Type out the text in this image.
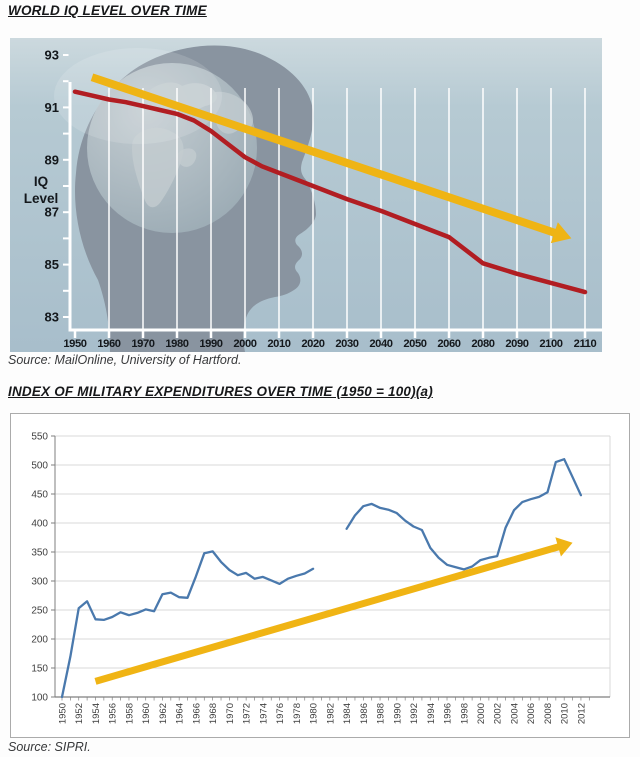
WORLD IQ LEVEL OVER TIME
93
91
89
87
85
83
1950 1960 1970 1980 1990 2000 2010 2020 2030 2040 2050 2060 2080 2090 2100 2110
IQ
Level
Source: MailOnline, University of Hartford.
INDEX OF MILITARY EXPENDITURES OVER TIME (1950 = 100)(a)
100
150
200
250
300
350
400
450
500
550
1950 1952 1954 1956 1958 1960 1962 1964 1966 1968 1970 1972 1974 1976 1978 1980 1982 1984 1986 1988 1990 1992 1994 1996 1998 2000 2002 2004 2006 2008 2010 2012
Source: SIPRI.
